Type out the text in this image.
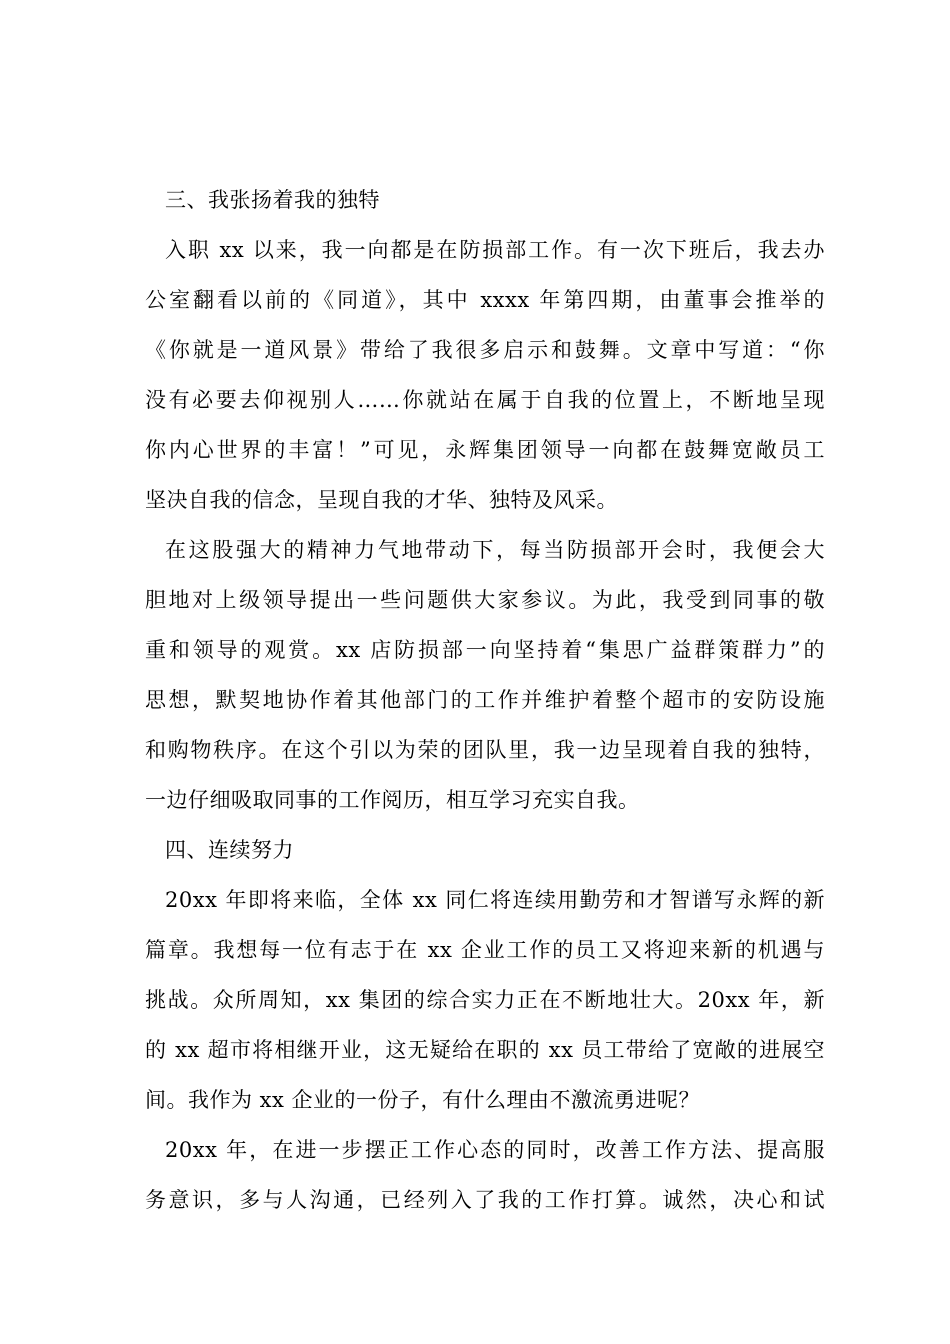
三、我张扬着我的独特
入职 xx 以来，我一向都是在防损部工作。有一次下班后，我去办
公室翻看以前的《同道》，其中 xxxx 年第四期，由董事会推举的
《你就是一道风景》带给了我很多启示和鼓舞。文章中写道：“你
没有必要去仰视别人……你就站在属于自我的位置上，不断地呈现
你内心世界的丰富！”可见，永辉集团领导一向都在鼓舞宽敞员工
坚决自我的信念，呈现自我的才华、独特及风采。
在这股强大的精神力气地带动下，每当防损部开会时，我便会大
胆地对上级领导提出一些问题供大家参议。为此，我受到同事的敬
重和领导的观赏。xx 店防损部一向坚持着“集思广益群策群力”的
思想，默契地协作着其他部门的工作并维护着整个超市的安防设施
和购物秩序。在这个引以为荣的团队里，我一边呈现着自我的独特，
一边仔细吸取同事的工作阅历，相互学习充实自我。
四、连续努力
20xx 年即将来临，全体 xx 同仁将连续用勤劳和才智谱写永辉的新
篇章。我想每一位有志于在 xx 企业工作的员工又将迎来新的机遇与
挑战。众所周知，xx 集团的综合实力正在不断地壮大。20xx 年，新
的 xx 超市将相继开业，这无疑给在职的 xx 员工带给了宽敞的进展空
间。我作为 xx 企业的一份子，有什么理由不激流勇进呢？
20xx 年，在进一步摆正工作心态的同时，改善工作方法、提高服
务意识，多与人沟通，已经列入了我的工作打算。诚然，决心和试
